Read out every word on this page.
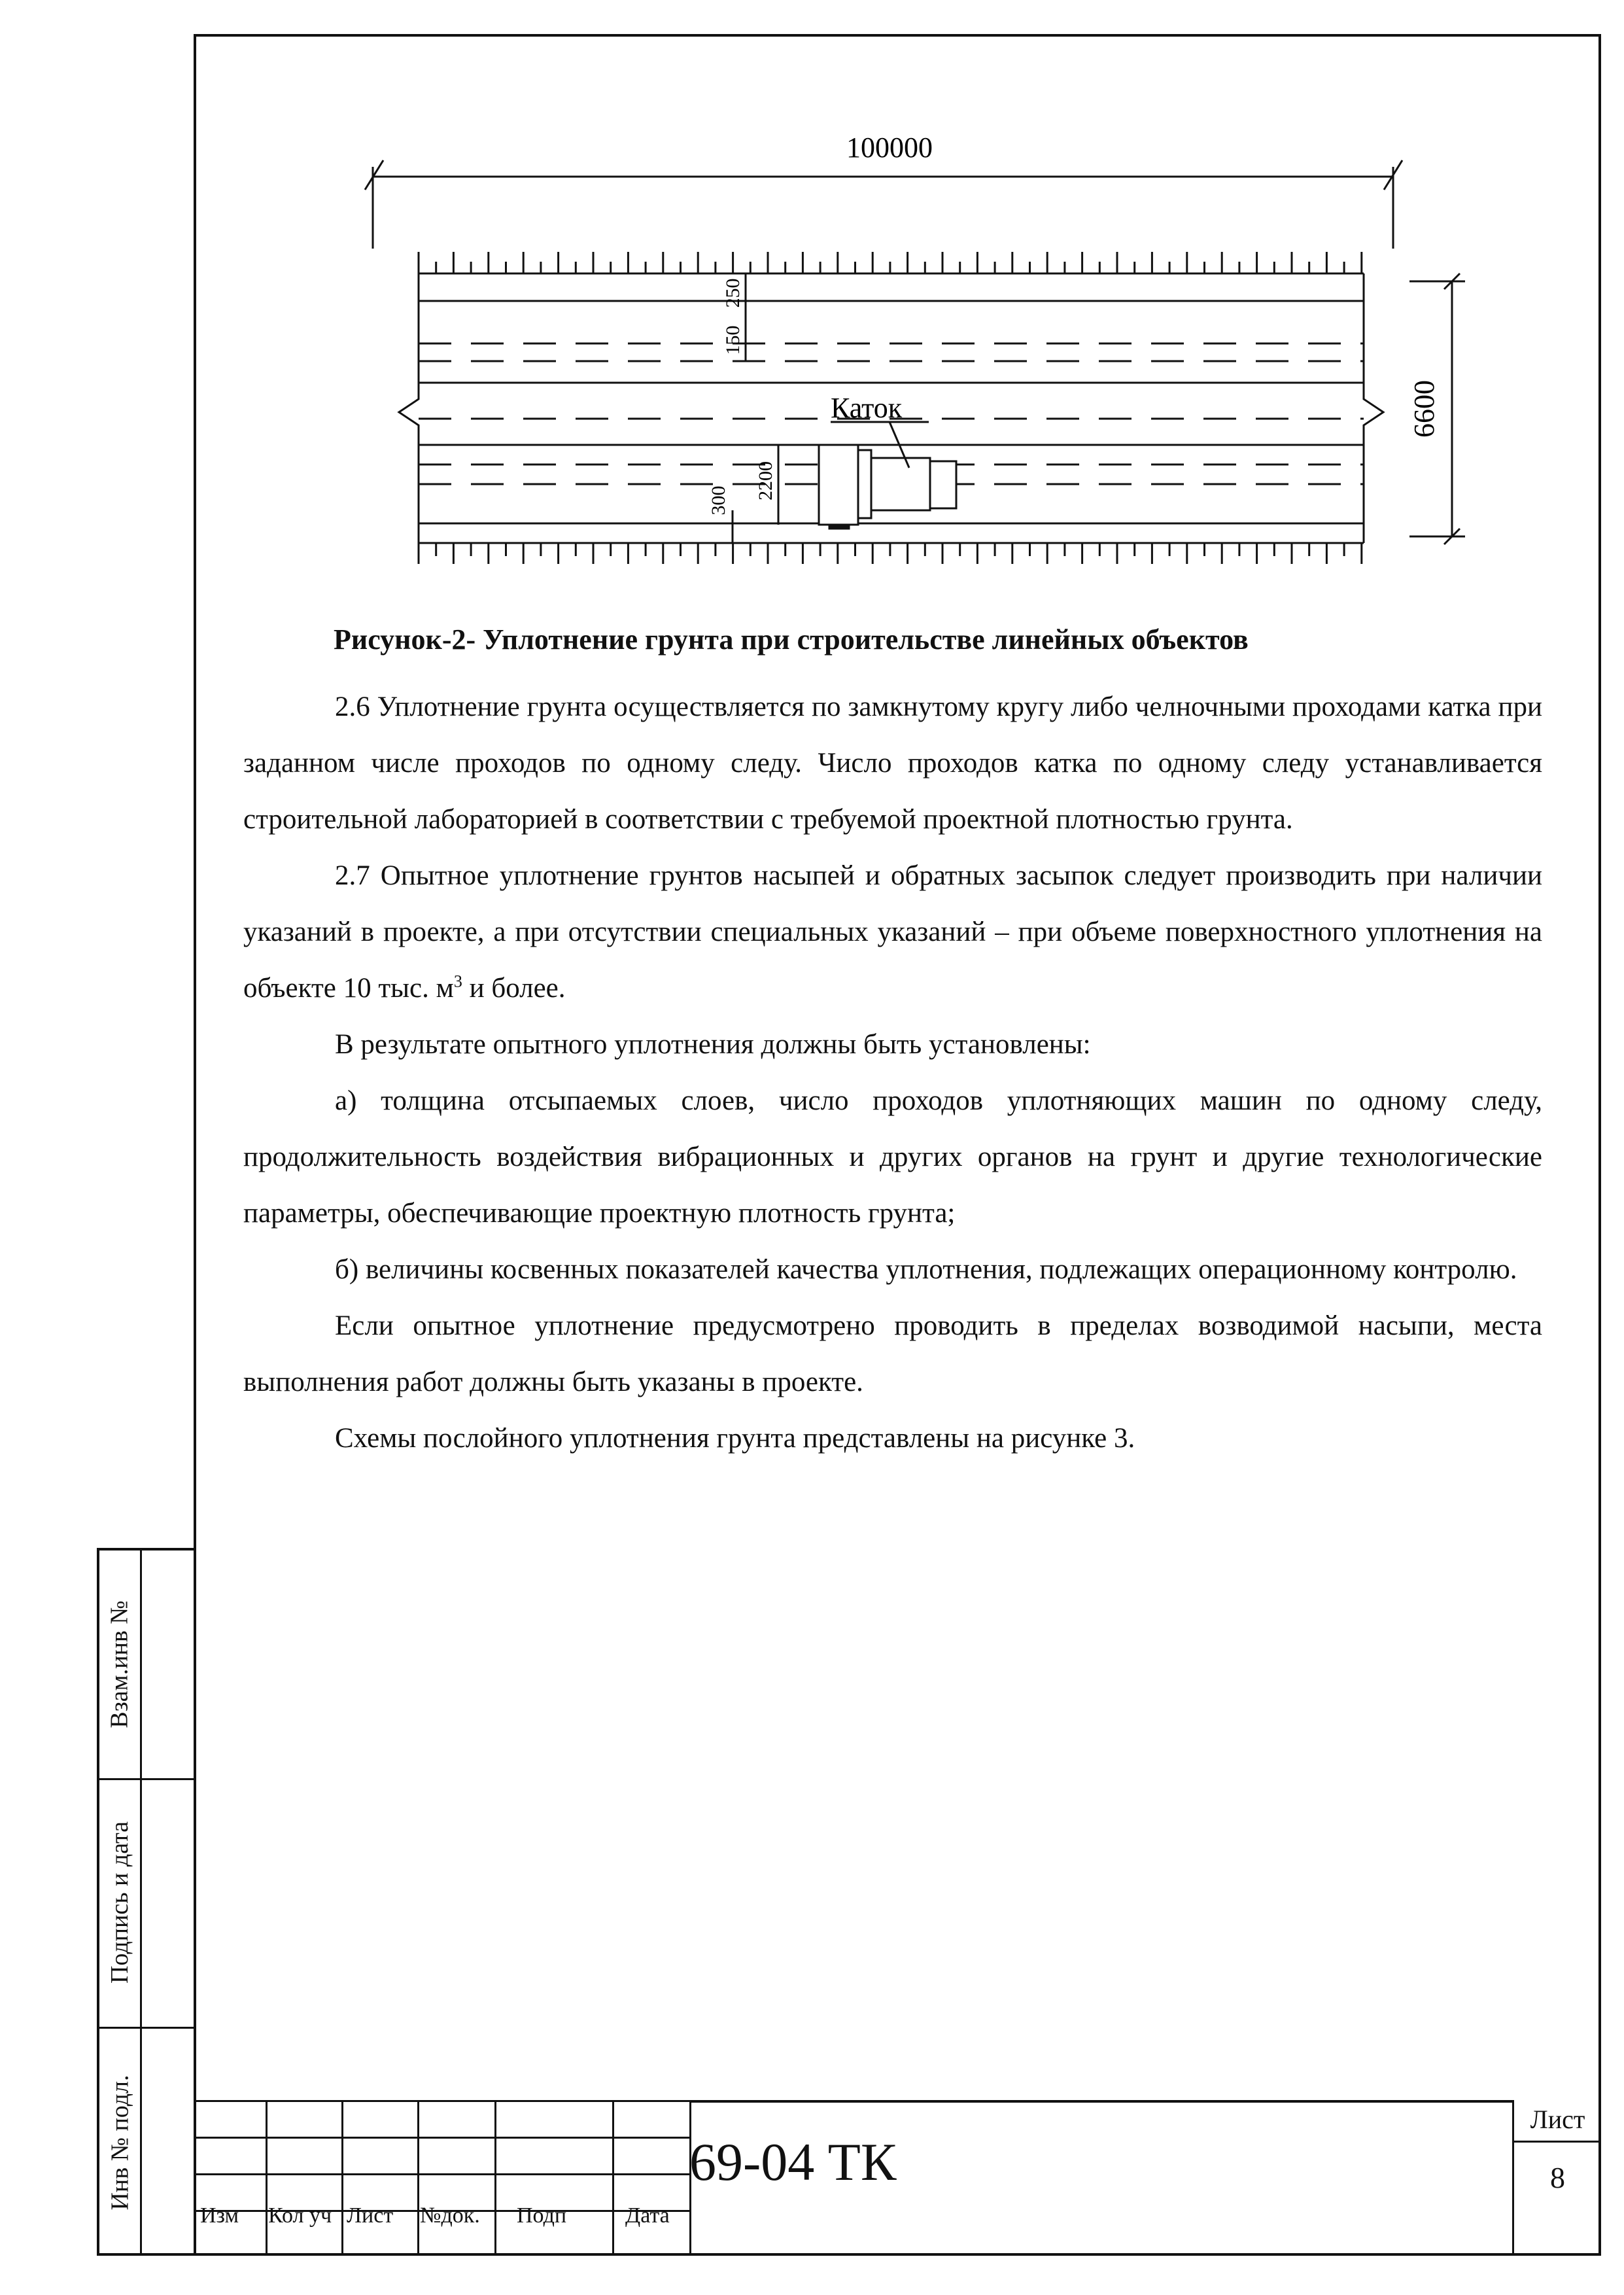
Взам.инв №
Подпись и дата
Инв № подл.
100000
6600
250
150
2200
300
Каток
Рисунок-2- Уплотнение грунта при строительстве линейных объектов

2.6 Уплотнение грунта осуществляется по замкнутому кругу либо челночными проходами катка при заданном числе проходов по одному следу. Число проходов катка по одному следу устанавливается строительной лабораторией в соответствии с требуемой проектной плотностью грунта.

2.7 Опытное уплотнение грунтов насыпей и обратных засыпок следует производить при наличии указаний в проекте, а при отсутствии специальных указаний – при объеме поверхностного уплотнения на объекте 10 тыс. $м^3$ и более.

В результате опытного уплотнения должны быть установлены:

а) толщина отсыпаемых слоев, число проходов уплотняющих машин по одному следу, продолжительность воздействия вибрационных и других органов на грунт и другие технологические параметры, обеспечивающие проектную плотность грунта;

б) величины косвенных показателей качества уплотнения, подлежащих операционному контролю.

Если опытное уплотнение предусмотрено проводить в пределах возводимой насыпи, места выполнения работ должны быть указаны в проекте.

Схемы послойного уплотнения грунта представлены на рисунке 3.

Изм Кол уч Лист №док. Подп	Дата
69-04 ТК
Лист
8
